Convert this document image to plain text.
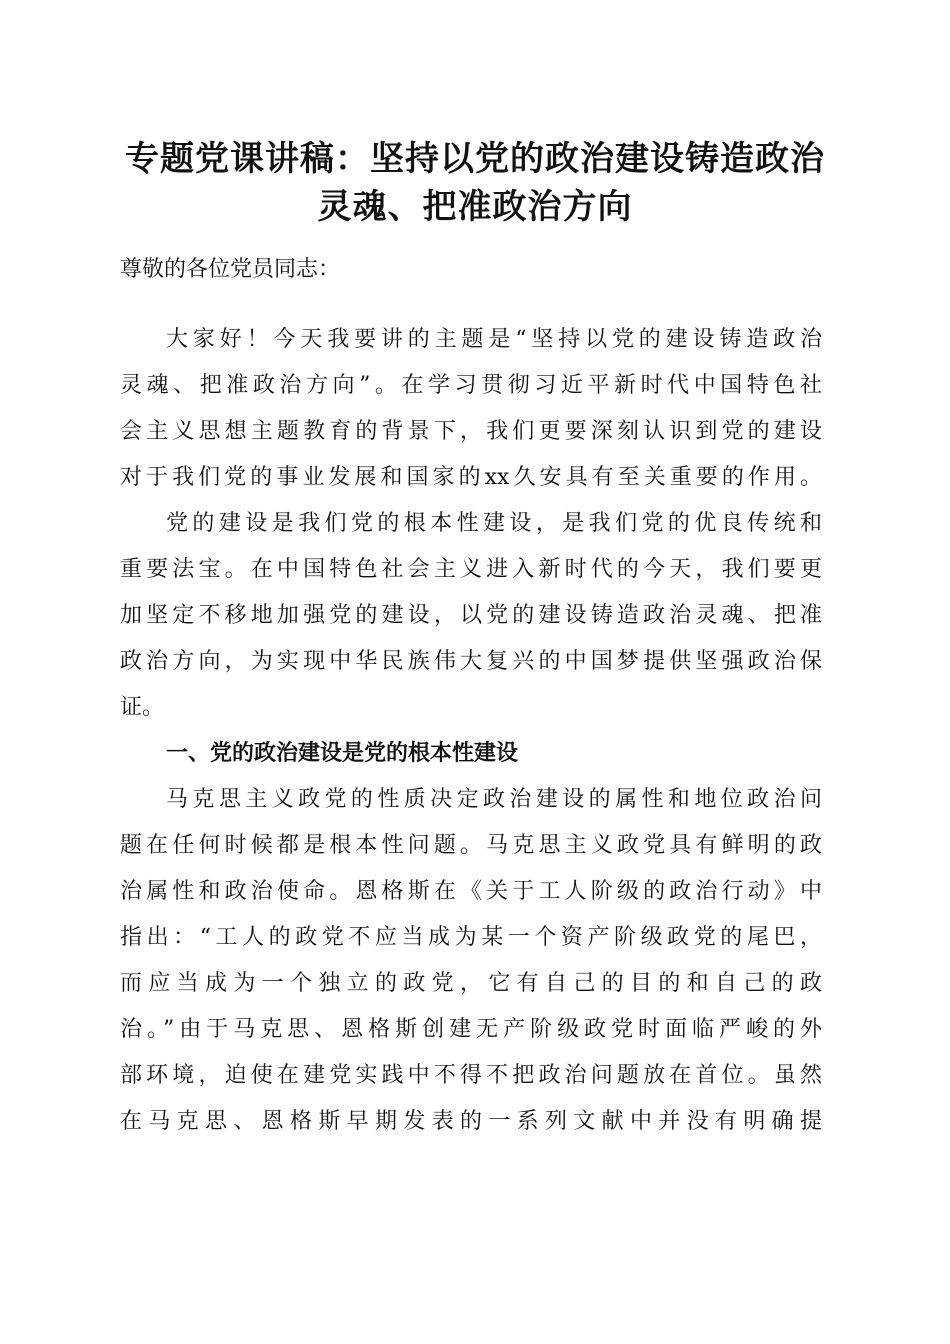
专题党课讲稿：坚持以党的政治建设铸造政治
灵魂、把准政治方向

尊敬的各位党员同志：

大家好！今天我要讲的主题是“坚持以党的建设铸造政治

灵魂、把准政治方向”。在学习贯彻习近平新时代中国特色社

会主义思想主题教育的背景下，我们更要深刻认识到党的建设

对于我们党的事业发展和国家的xx久安具有至关重要的作用。

党的建设是我们党的根本性建设，是我们党的优良传统和

重要法宝。在中国特色社会主义进入新时代的今天，我们要更

加坚定不移地加强党的建设，以党的建设铸造政治灵魂、把准

政治方向，为实现中华民族伟大复兴的中国梦提供坚强政治保

证。

一、党的政治建设是党的根本性建设

马克思主义政党的性质决定政治建设的属性和地位政治问

题在任何时候都是根本性问题。马克思主义政党具有鲜明的政

治属性和政治使命。恩格斯在《关于工人阶级的政治行动》中

指出：“工人的政党不应当成为某一个资产阶级政党的尾巴，

而应当成为一个独立的政党，它有自己的目的和自己的政

治。”由于马克思、恩格斯创建无产阶级政党时面临严峻的外

部环境，迫使在建党实践中不得不把政治问题放在首位。虽然

在马克思、恩格斯早期发表的一系列文献中并没有明确提
